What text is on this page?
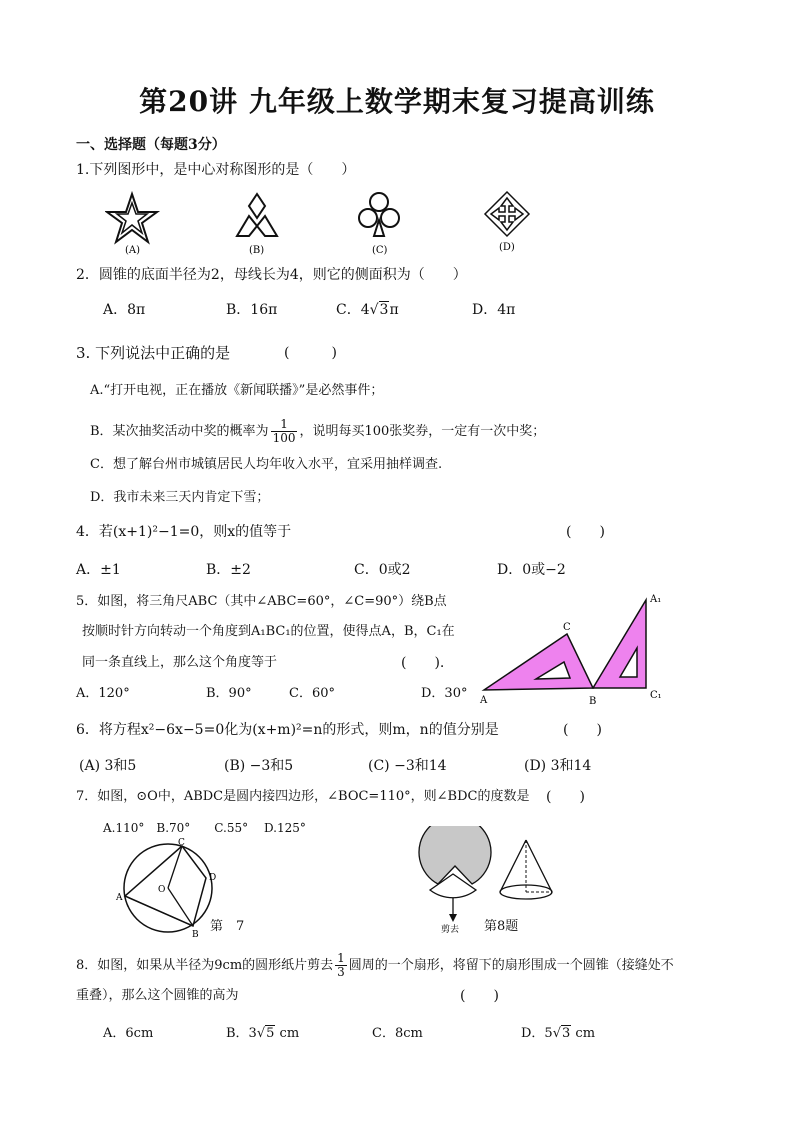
第20讲 九年级上数学期末复习提高训练
一、选择题（每题3分）
1.下列图形中，是中心对称图形的是（　　）
(A)	(B)	(C)	(D)
2．圆锥的底面半径为2，母线长为4，则它的侧面积为（　　）
A．8π	B．16π	C．4√3π	D．4π
3. 下列说法中正确的是	(　　　)
A.“打开电视，正在播放《新闻联播》”是必然事件；
B．某次抽奖活动中奖的概率为 $\frac{1}{100}$ ，说明每买100张奖券，一定有一次中奖；
C．想了解台州市城镇居民人均年收入水平，宜采用抽样调查.
D．我市未来三天内肯定下雪；
4．若(x+1)²−1=0，则x的值等于	(　　)
A．±1	B．±2	C．0或2	D．0或−2
5．如图，将三角尺ABC（其中∠ABC=60°，∠C=90°）绕B点
按顺时针方向转动一个角度到A₁BC₁的位置，使得点A，B，C₁在
同一条直线上，那么这个角度等于	(　　).
A．120°	B．90°	C．60°	D．30° A	B
C
A₁
C₁
6．将方程x²−6x−5=0化为(x+m)²=n的形式，则m，n的值分别是	(　　)
(A) 3和5	(B) −3和5	(C) −3和14	(D) 3和14
7．如图，⊙O中，ABDC是圆内接四边形，∠BOC=110°，则∠BDC的度数是 (　　)
A.110°　B.70°　　C.55°　 D.125°
A
C
D
B
O
第　7	剪去 第8题
8．如图，如果从半径为9cm的圆形纸片剪去 $\frac{1}{3}$ 圆周的一个扇形，将留下的扇形围成一个圆锥（接缝处不
重叠），那么这个圆锥的高为	(　　)
A．6cm	B．3√5 cm	C．8cm	D．5√3 cm
